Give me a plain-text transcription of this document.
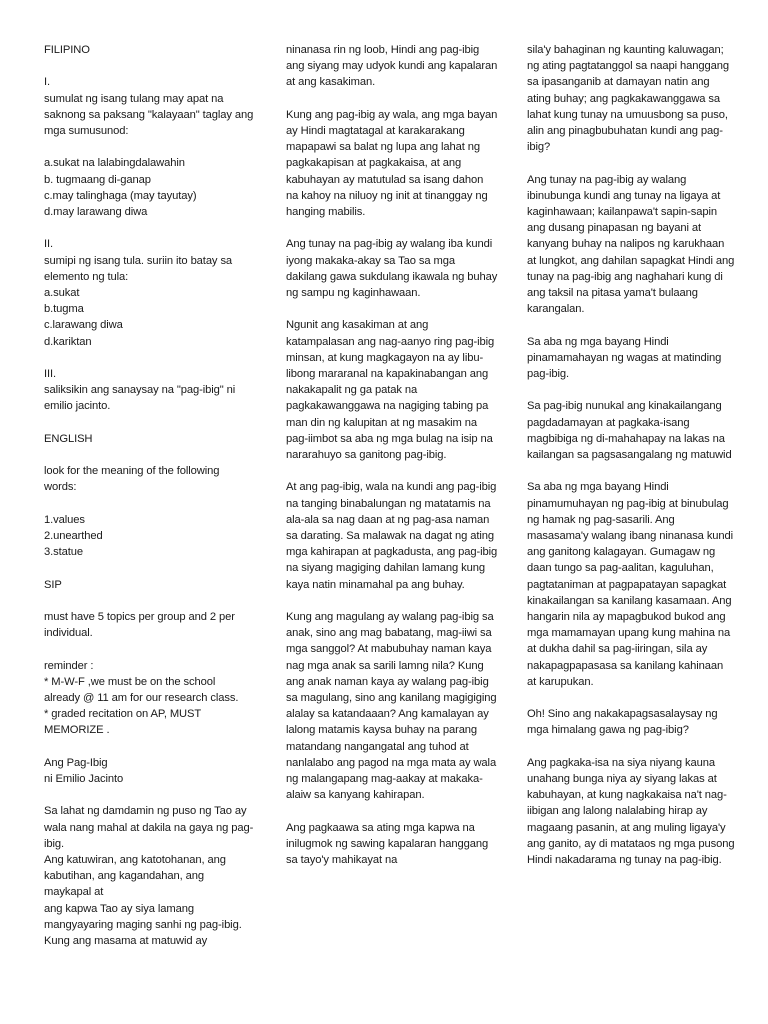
FILIPINO

I.
sumulat ng isang tulang may apat na saknong sa paksang "kalayaan" taglay ang mga sumusunod:

a.sukat na lalabingdalawahin
b. tugmaang di-ganap
c.may talinghaga (may tayutay)
d.may larawang diwa

II.
sumipi ng isang tula. suriin ito batay sa elemento ng tula:
a.sukat
b.tugma
c.larawang diwa
d.kariktan

III.
saliksikin ang sanaysay na "pag-ibig" ni emilio jacinto.

ENGLISH

look for the meaning of the following words:

1.values
2.unearthed
3.statue

SIP

must have 5 topics per group and 2 per individual.

reminder :
* M-W-F ,we must be on the school already @ 11 am for our research class.
* graded recitation on AP, MUST MEMORIZE .

Ang Pag-Ibig
ni Emilio Jacinto

Sa lahat ng damdamin ng puso ng Tao ay wala nang mahal at dakila na gaya ng pag-ibig.
Ang katuwiran, ang katotohanan, ang kabutihan, ang kagandahan, ang maykapal at
ang kapwa Tao ay siya lamang mangyayaring maging sanhi ng pag-ibig. Kung ang masama at matuwid ay

ninanasa rin ng loob, Hindi ang pag-ibig ang siyang may udyok kundi ang kapalaran at ang kasakiman.

Kung ang pag-ibig ay wala, ang mga bayan ay Hindi magtatagal at karakarakang mapapawi sa balat ng lupa ang lahat ng pagkakapisan at pagkakaisa, at ang kabuhayan ay matutulad sa isang dahon na kahoy na niluoy ng init at tinanggay ng hanging mabilis.

Ang tunay na pag-ibig ay walang iba kundi iyong makaka-akay sa Tao sa mga dakilang gawa sukdulang ikawala ng buhay ng sampu ng kaginhawaan.

Ngunit ang kasakiman at ang katampalasan ang nag-aanyo ring pag-ibig minsan, at kung magkagayon na ay libu-libong mararanal na kapakinabangan ang nakakapalit ng ga patak na pagkakawanggawa na nagiging tabing pa man din ng kalupitan at ng masakim na pag-iimbot sa aba ng mga bulag na isip na nararahuyo sa ganitong pag-ibig.

At ang pag-ibig, wala na kundi ang pag-ibig na tanging binabalungan ng matatamis na ala-ala sa nag daan at ng pag-asa naman sa darating. Sa malawak na dagat ng ating mga kahirapan at pagkadusta, ang pag-ibig na siyang magiging dahilan lamang kung kaya natin minamahal pa ang buhay.

Kung ang magulang ay walang pag-ibig sa anak, sino ang mag babatang, mag-iiwi sa mga sanggol? At mabubuhay naman kaya nag mga anak sa sarili lamng nila? Kung ang anak naman kaya ay walang pag-ibig sa magulang, sino ang kanilang magigiging alalay sa katandaaan? Ang kamalayan ay lalong matamis kaysa buhay na parang matandang nangangatal ang tuhod at nanlalabo ang pagod na mga mata ay wala ng malangapang mag-aakay at makaka-alaiw sa kanyang kahirapan.

Ang pagkaawa sa ating mga kapwa na inilugmok ng sawing kapalaran hanggang sa tayo'y mahikayat na

sila'y bahaginan ng kaunting kaluwagan; ng ating pagtatanggol sa naapi hanggang sa ipasanganib at damayan natin ang ating buhay; ang pagkakawanggawa sa lahat kung tunay na umuusbong sa puso, alin ang pinagbubuhatan kundi ang pag-ibig?

Ang tunay na pag-ibig ay walang ibinubunga kundi ang tunay na ligaya at kaginhawaan; kailanpawa't sapin-sapin ang dusang pinapasan ng bayani at kanyang buhay na nalipos ng karukhaan at lungkot, ang dahilan sapagkat Hindi ang tunay na pag-ibig ang naghahari kung di ang taksil na pitasa yama't bulaang karangalan.

Sa aba ng mga bayang Hindi pinamamahayan ng wagas at matinding pag-ibig.

Sa pag-ibig nunukal ang kinakailangang pagdadamayan at pagkaka-isang magbibiga ng di-mahahapay na lakas na kailangan sa pagsasangalang ng matuwid

Sa aba ng mga bayang Hindi pinamumuhayan ng pag-ibig at binubulag ng hamak ng pag-sasarili. Ang masasama'y walang ibang ninanasa kundi ang ganitong kalagayan. Gumagaw ng daan tungo sa pag-aalitan, kaguluhan, pagtataniman at pagpapatayan sapagkat kinakailangan sa kanilang kasamaan. Ang hangarin nila ay mapagbukod bukod ang mga mamamayan upang kung mahina na at dukha dahil sa pag-iiringan, sila ay nakapagpapasasa sa kanilang kahinaan at karupukan.

Oh! Sino ang nakakapagsasalaysay ng mga himalang gawa ng pag-ibig?

Ang pagkaka-isa na siya niyang kauna unahang bunga niya ay siyang lakas at kabuhayan, at kung nagkakaisa na't nag-iibigan ang lalong nalalabing hirap ay magaang pasanin, at ang muling ligaya'y ang ganito, ay di matataos ng mga pusong Hindi nakadarama ng tunay na pag-ibig.
